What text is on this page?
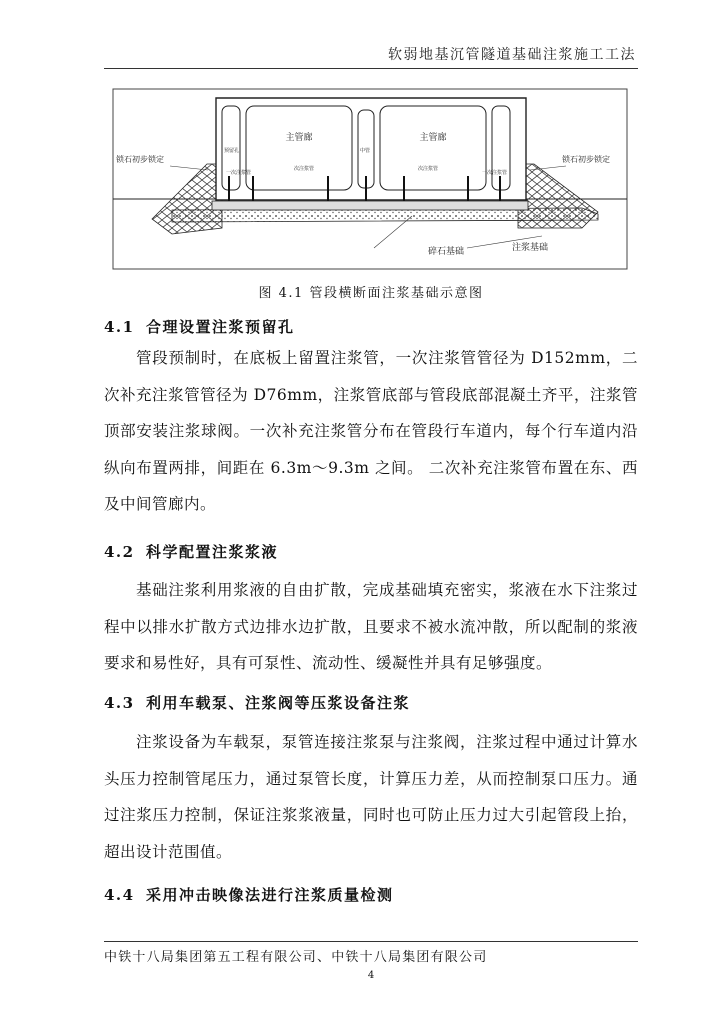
软弱地基沉管隧道基础注浆施工工法
主管廊	主管廊
锁石初步锁定	锁石初步锁定
预留孔	中管
一次注浆管
次注浆管	次注浆管
一次注浆管
碎石基础	注浆基础
图 4.1 管段横断面注浆基础示意图
4.1 合理设置注浆预留孔
管段预制时，在底板上留置注浆管，一次注浆管管径为 D152mm，二次补充注浆管管径为 D76mm，注浆管底部与管段底部混凝土齐平，注浆管顶部安装注浆球阀。一次补充注浆管分布在管段行车道内，每个行车道内沿纵向布置两排，间距在 6.3m～9.3m 之间。 二次补充注浆管布置在东、西及中间管廊内。
4.2 科学配置注浆浆液
基础注浆利用浆液的自由扩散，完成基础填充密实，浆液在水下注浆过程中以排水扩散方式边排水边扩散，且要求不被水流冲散，所以配制的浆液要求和易性好，具有可泵性、流动性、缓凝性并具有足够强度。
4.3 利用车载泵、注浆阀等压浆设备注浆
注浆设备为车载泵，泵管连接注浆泵与注浆阀，注浆过程中通过计算水头压力控制管尾压力，通过泵管长度，计算压力差，从而控制泵口压力。通过注浆压力控制，保证注浆浆液量，同时也可防止压力过大引起管段上抬，超出设计范围值。
4.4 采用冲击映像法进行注浆质量检测
中铁十八局集团第五工程有限公司、中铁十八局集团有限公司
4
